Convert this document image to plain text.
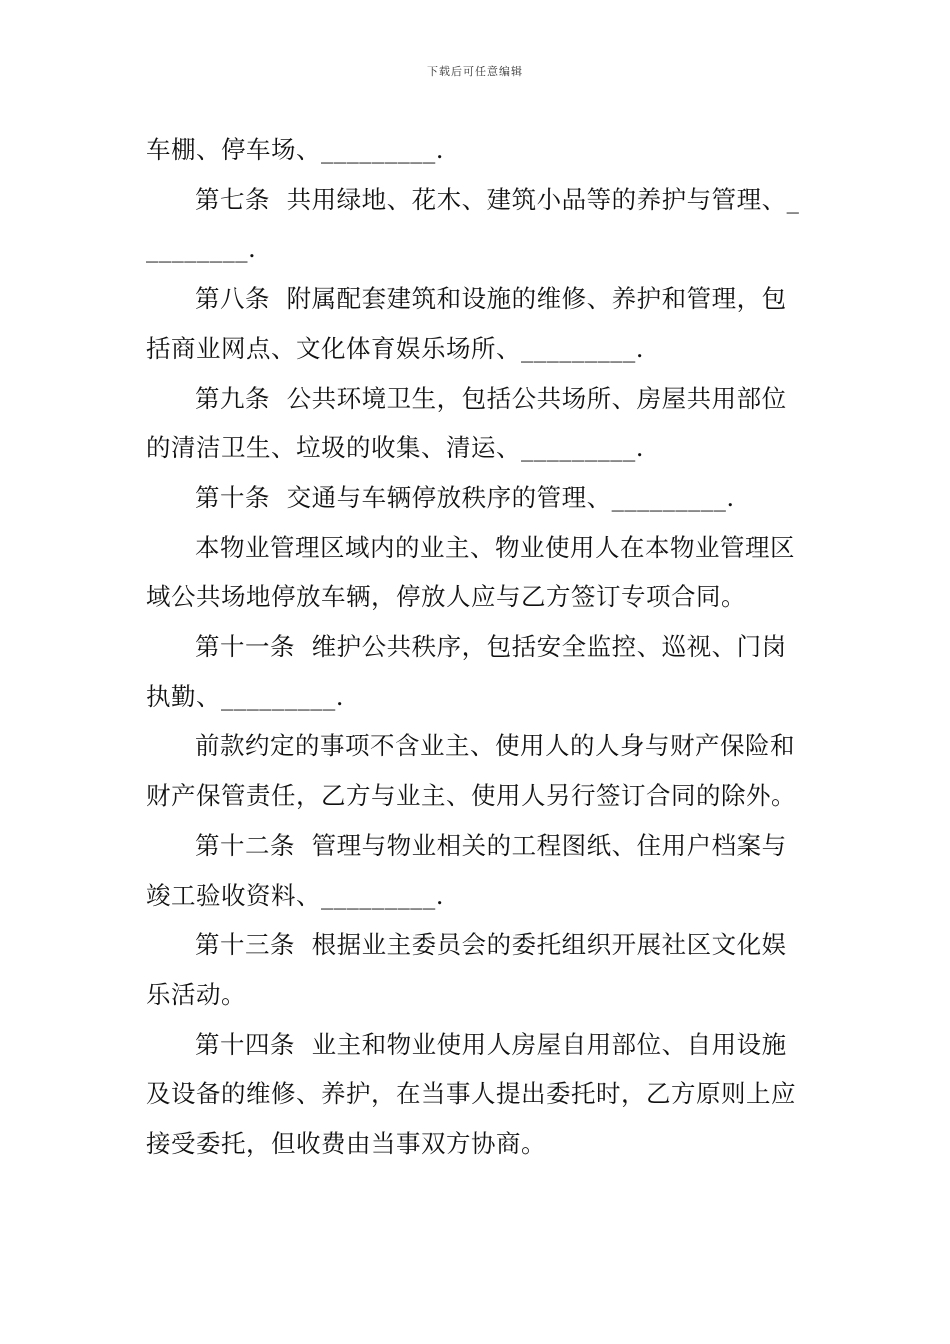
下载后可任意编辑

车棚、停车场、_________.

第七条  共用绿地、花木、建筑小品等的养护与管理、_________.

第八条  附属配套建筑和设施的维修、养护和管理，包括商业网点、文化体育娱乐场所、_________.

第九条  公共环境卫生，包括公共场所、房屋共用部位的清洁卫生、垃圾的收集、清运、_________.

第十条  交通与车辆停放秩序的管理、_________.

本物业管理区域内的业主、物业使用人在本物业管理区域公共场地停放车辆，停放人应与乙方签订专项合同。

第十一条  维护公共秩序，包括安全监控、巡视、门岗执勤、_________.

前款约定的事项不含业主、使用人的人身与财产保险和财产保管责任，乙方与业主、使用人另行签订合同的除外。

第十二条  管理与物业相关的工程图纸、住用户档案与竣工验收资料、_________.

第十三条  根据业主委员会的委托组织开展社区文化娱乐活动。

第十四条  业主和物业使用人房屋自用部位、自用设施及设备的维修、养护，在当事人提出委托时，乙方原则上应接受委托，但收费由当事双方协商。
